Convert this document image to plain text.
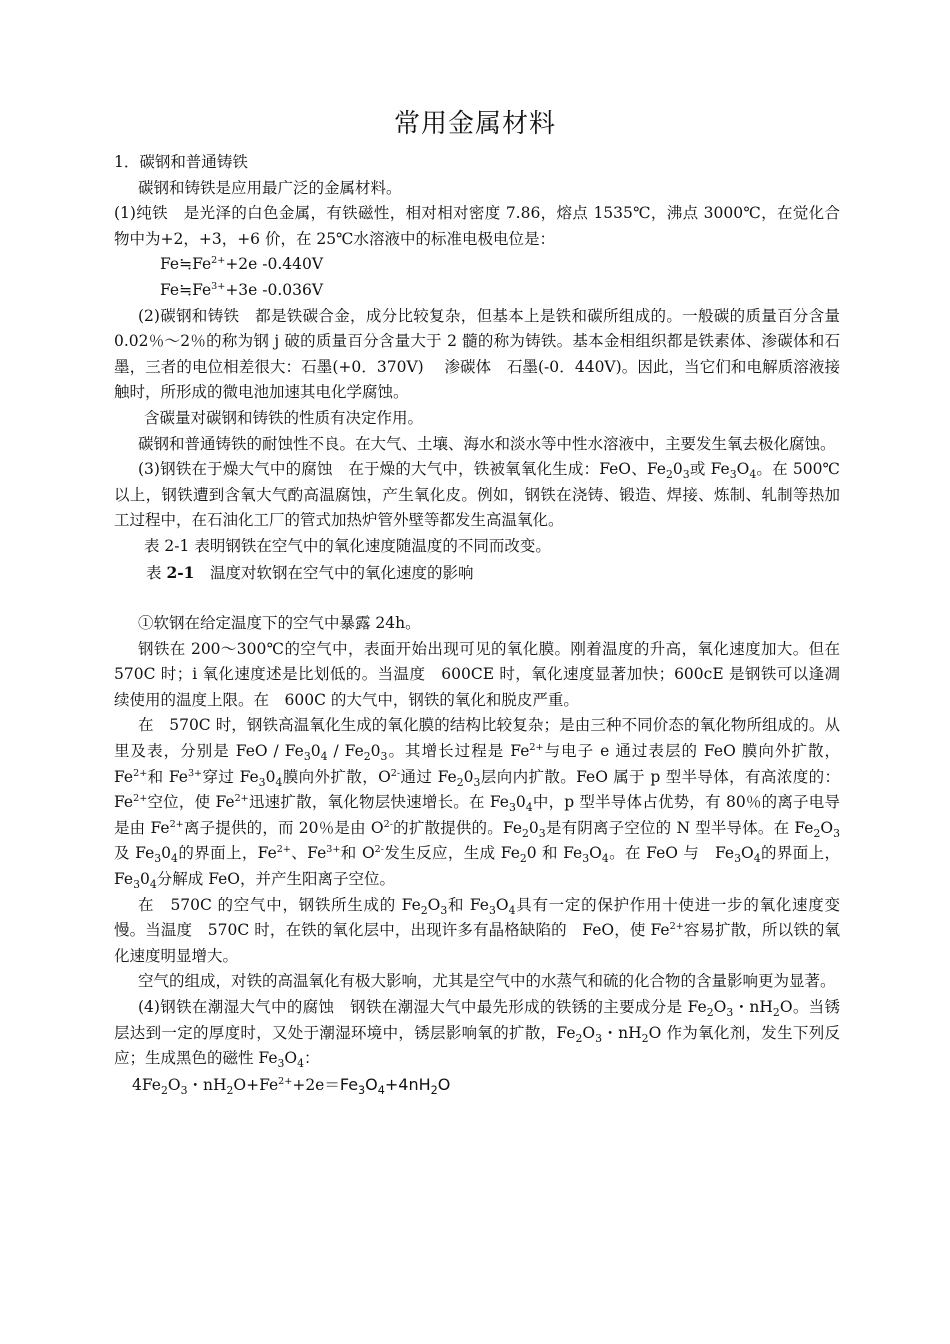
常用金属材料

1．碳钢和普通铸铁

碳钢和铸铁是应用最广泛的金属材料。

(1)纯铁　是光泽的白色金属，有铁磁性，相对相对密度 7.86，熔点 1535℃，沸点 3000℃，在觉化合物中为+2，+3，+6 价，在 25℃水溶液中的标准电极电位是：

$Fe≒Fe^{2+}+2e$ -0.440V

$Fe≒Fe^{3+}+3e$ -0.036V

(2)碳钢和铸铁　都是铁碳合金，成分比较复杂，但基本上是铁和碳所组成的。一般碳的质量百分含量 0.02％～2％的称为钢 j 破的质量百分含量大于 2 髓的称为铸铁。基本金相组织都是铁素体、渗碳体和石墨，三者的电位相差很大：石墨(+0．370V)　 渗碳体　石墨(-0．440V)。因此，当它们和电解质溶液接触时，所形成的微电池加速其电化学腐蚀。

含碳量对碳钢和铸铁的性质有决定作用。

碳钢和普通铸铁的耐蚀性不良。在大气、土壤、海水和淡水等中性水溶液中，主要发生氧去极化腐蚀。

(3)钢铁在于燥大气中的腐蚀　在于燥的大气中，铁被氧氧化生成：FeO、$Fe_20_3$或 $Fe_3O_4$。在 500℃以上，钢铁遭到含氧大气酌高温腐蚀，产生氧化皮。例如，钢铁在浇铸、锻造、焊接、炼制、轧制等热加工过程中，在石油化工厂的管式加热炉管外壁等都发生高温氧化。

表 2-1 表明钢铁在空气中的氧化速度随温度的不同而改变。

表 2-1　温度对软钢在空气中的氧化速度的影响

①软钢在给定温度下的空气中暴露 24h。

钢铁在 200～300℃的空气中，表面开始出现可见的氧化膜。刚着温度的升高，氧化速度加大。但在　570C 时；i 氧化速度述是比划低的。当温度　600CE 时，氧化速度显著加快；600cE 是钢铁可以逢凋续使用的温度上限。在　600C 的大气中，钢铁的氧化和脱皮严重。

在　570C 时，钢铁高温氧化生成的氧化膜的结构比较复杂；是由三种不同价态的氧化物所组成的。从里及表，分别是 FeO / $Fe_30_4 / Fe_20_3$。其增长过程是 $Fe^{2+}$与电子 e 通过表层的 FeO 膜向外扩散，$Fe^{2+}$和 $Fe^{3+}$穿过 $Fe_30_4$膜向外扩散，$O^{2-}$通过 $Fe_20_3$层向内扩散。FeO 属于 p 型半导体，有高浓度的：$Fe^{2+}$空位，使 $Fe^{2+}$迅速扩散，氧化物层快速增长。在 $Fe_30_4$中，p 型半导体占优势，有 80％的离子电导是由 $Fe^{2+}$离子提供的，而 20％是由 $O^{2-}$的扩散提供的。$Fe_20_3$是有阴离子空位的 N 型半导体。在 $Fe_2O_3$及 $Fe_30_4$的界面上，$Fe^{2+}$、$Fe^{3+}$和 $O^{2-}$发生反应，生成 $Fe_20$ 和 $Fe_3O_4$。在 FeO 与　$Fe_3O_4$的界面上，$Fe_30_4$分解成 FeO，并产生阳离子空位。

在　570C 的空气中，钢铁所生成的 $Fe_2O_3$和 $Fe_3O_4$具有一定的保护作用十使进一步的氧化速度变慢。当温度　570C 时，在铁的氧化层中，出现许多有晶格缺陷的　FeO，使 $Fe^{2+}$容易扩散，所以铁的氧化速度明显增大。

空气的组成，对铁的高温氧化有极大影响，尤其是空气中的水蒸气和硫的化合物的含量影响更为显著。

(4)钢铁在潮湿大气中的腐蚀　钢铁在潮湿大气中最先形成的铁锈的主要成分是 $Fe_2O_3$・$nH_2O$。当锈层达到一定的厚度时，又处于潮湿环境中，锈层影响氧的扩散，$Fe_2O_3$・$nH_2O$ 作为氧化剂，发生下列反应；生成黑色的磁性 $Fe_3O_4$：

$4Fe_2O_3$・$nH_2O+Fe^{2+}+2e=Fe_3O_4+4nH_2O$
